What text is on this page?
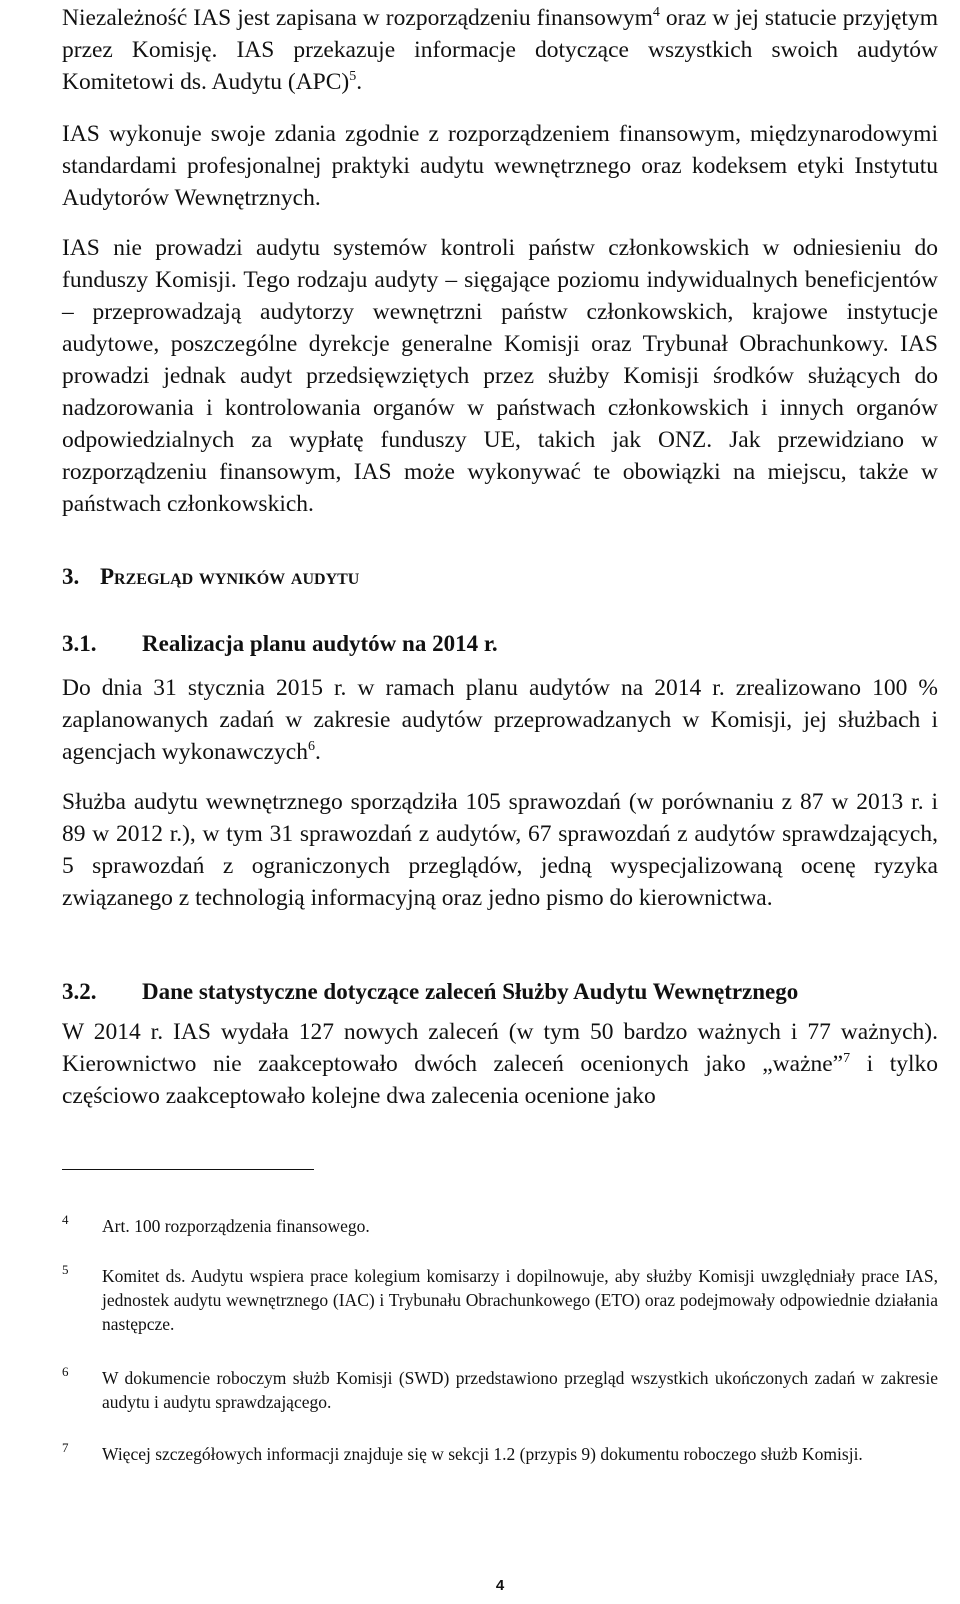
Niezależność IAS jest zapisana w rozporządzeniu finansowym$^4$ oraz w jej statucie przyjętym przez Komisję. IAS przekazuje informacje dotyczące wszystkich swoich audytów Komitetowi ds. Audytu (APC)$^5$.
IAS wykonuje swoje zdania zgodnie z rozporządzeniem finansowym, międzynarodowymi standardami profesjonalnej praktyki audytu wewnętrznego oraz kodeksem etyki Instytutu Audytorów Wewnętrznych.
IAS nie prowadzi audytu systemów kontroli państw członkowskich w odniesieniu do funduszy Komisji. Tego rodzaju audyty – sięgające poziomu indywidualnych beneficjentów – przeprowadzają audytorzy wewnętrzni państw członkowskich, krajowe instytucje audytowe, poszczególne dyrekcje generalne Komisji oraz Trybunał Obrachunkowy. IAS prowadzi jednak audyt przedsięwziętych przez służby Komisji środków służących do nadzorowania i kontrolowania organów w państwach członkowskich i innych organów odpowiedzialnych za wypłatę funduszy UE, takich jak ONZ. Jak przewidziano w rozporządzeniu finansowym, IAS może wykonywać te obowiązki na miejscu, także w państwach członkowskich.
3. Przegląd wyników audytu
3.1. Realizacja planu audytów na 2014 r.
Do dnia 31 stycznia 2015 r. w ramach planu audytów na 2014 r. zrealizowano 100 % zaplanowanych zadań w zakresie audytów przeprowadzanych w Komisji, jej służbach i agencjach wykonawczych$^6$.
Służba audytu wewnętrznego sporządziła 105 sprawozdań (w porównaniu z 87 w 2013 r. i 89 w 2012 r.), w tym 31 sprawozdań z audytów, 67 sprawozdań z audytów sprawdzających, 5 sprawozdań z ograniczonych przeglądów, jedną wyspecjalizowaną ocenę ryzyka związanego z technologią informacyjną oraz jedno pismo do kierownictwa.
3.2. Dane statystyczne dotyczące zaleceń Służby Audytu Wewnętrznego
W 2014 r. IAS wydała 127 nowych zaleceń (w tym 50 bardzo ważnych i 77 ważnych). Kierownictwo nie zaakceptowało dwóch zaleceń ocenionych jako „ważne”$^7$ i tylko częściowo zaakceptowało kolejne dwa zalecenia ocenione jako
4 Art. 100 rozporządzenia finansowego.
5 Komitet ds. Audytu wspiera prace kolegium komisarzy i dopilnowuje, aby służby Komisji uwzględniały prace IAS, jednostek audytu wewnętrznego (IAC) i Trybunału Obrachunkowego (ETO) oraz podejmowały odpowiednie działania następcze.
6 W dokumencie roboczym służb Komisji (SWD) przedstawiono przegląd wszystkich ukończonych zadań w zakresie audytu i audytu sprawdzającego.
7 Więcej szczegółowych informacji znajduje się w sekcji 1.2 (przypis 9) dokumentu roboczego służb Komisji.
4
